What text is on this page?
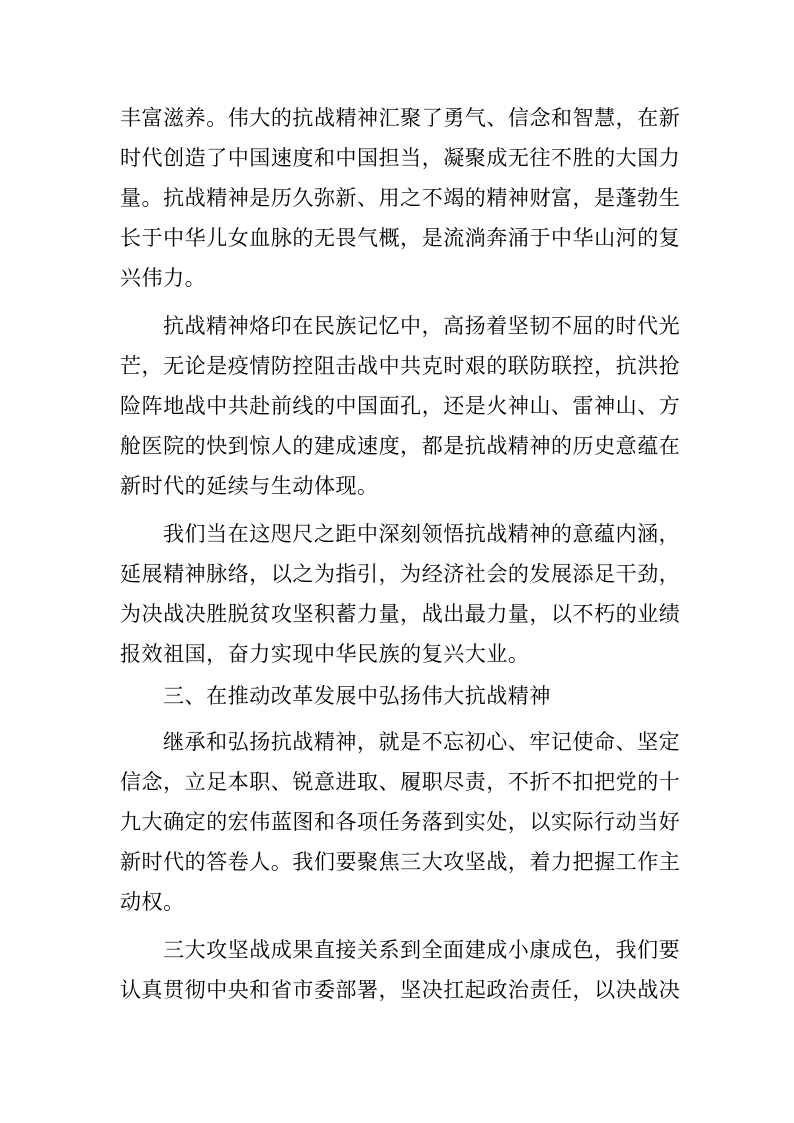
丰富滋养。伟大的抗战精神汇聚了勇气、信念和智慧，在新
时代创造了中国速度和中国担当，凝聚成无往不胜的大国力
量。抗战精神是历久弥新、用之不竭的精神财富，是蓬勃生
长于中华儿女血脉的无畏气概，是流淌奔涌于中华山河的复
兴伟力。
抗战精神烙印在民族记忆中，高扬着坚韧不屈的时代光
芒，无论是疫情防控阻击战中共克时艰的联防联控，抗洪抢
险阵地战中共赴前线的中国面孔，还是火神山、雷神山、方
舱医院的快到惊人的建成速度，都是抗战精神的历史意蕴在
新时代的延续与生动体现。
我们当在这咫尺之距中深刻领悟抗战精神的意蕴内涵，
延展精神脉络，以之为指引，为经济社会的发展添足干劲，
为决战决胜脱贫攻坚积蓄力量，战出最力量，以不朽的业绩
报效祖国，奋力实现中华民族的复兴大业。
三、在推动改革发展中弘扬伟大抗战精神
继承和弘扬抗战精神，就是不忘初心、牢记使命、坚定
信念，立足本职、锐意进取、履职尽责，不折不扣把党的十
九大确定的宏伟蓝图和各项任务落到实处，以实际行动当好
新时代的答卷人。我们要聚焦三大攻坚战，着力把握工作主
动权。
三大攻坚战成果直接关系到全面建成小康成色，我们要
认真贯彻中央和省市委部署，坚决扛起政治责任，以决战决
